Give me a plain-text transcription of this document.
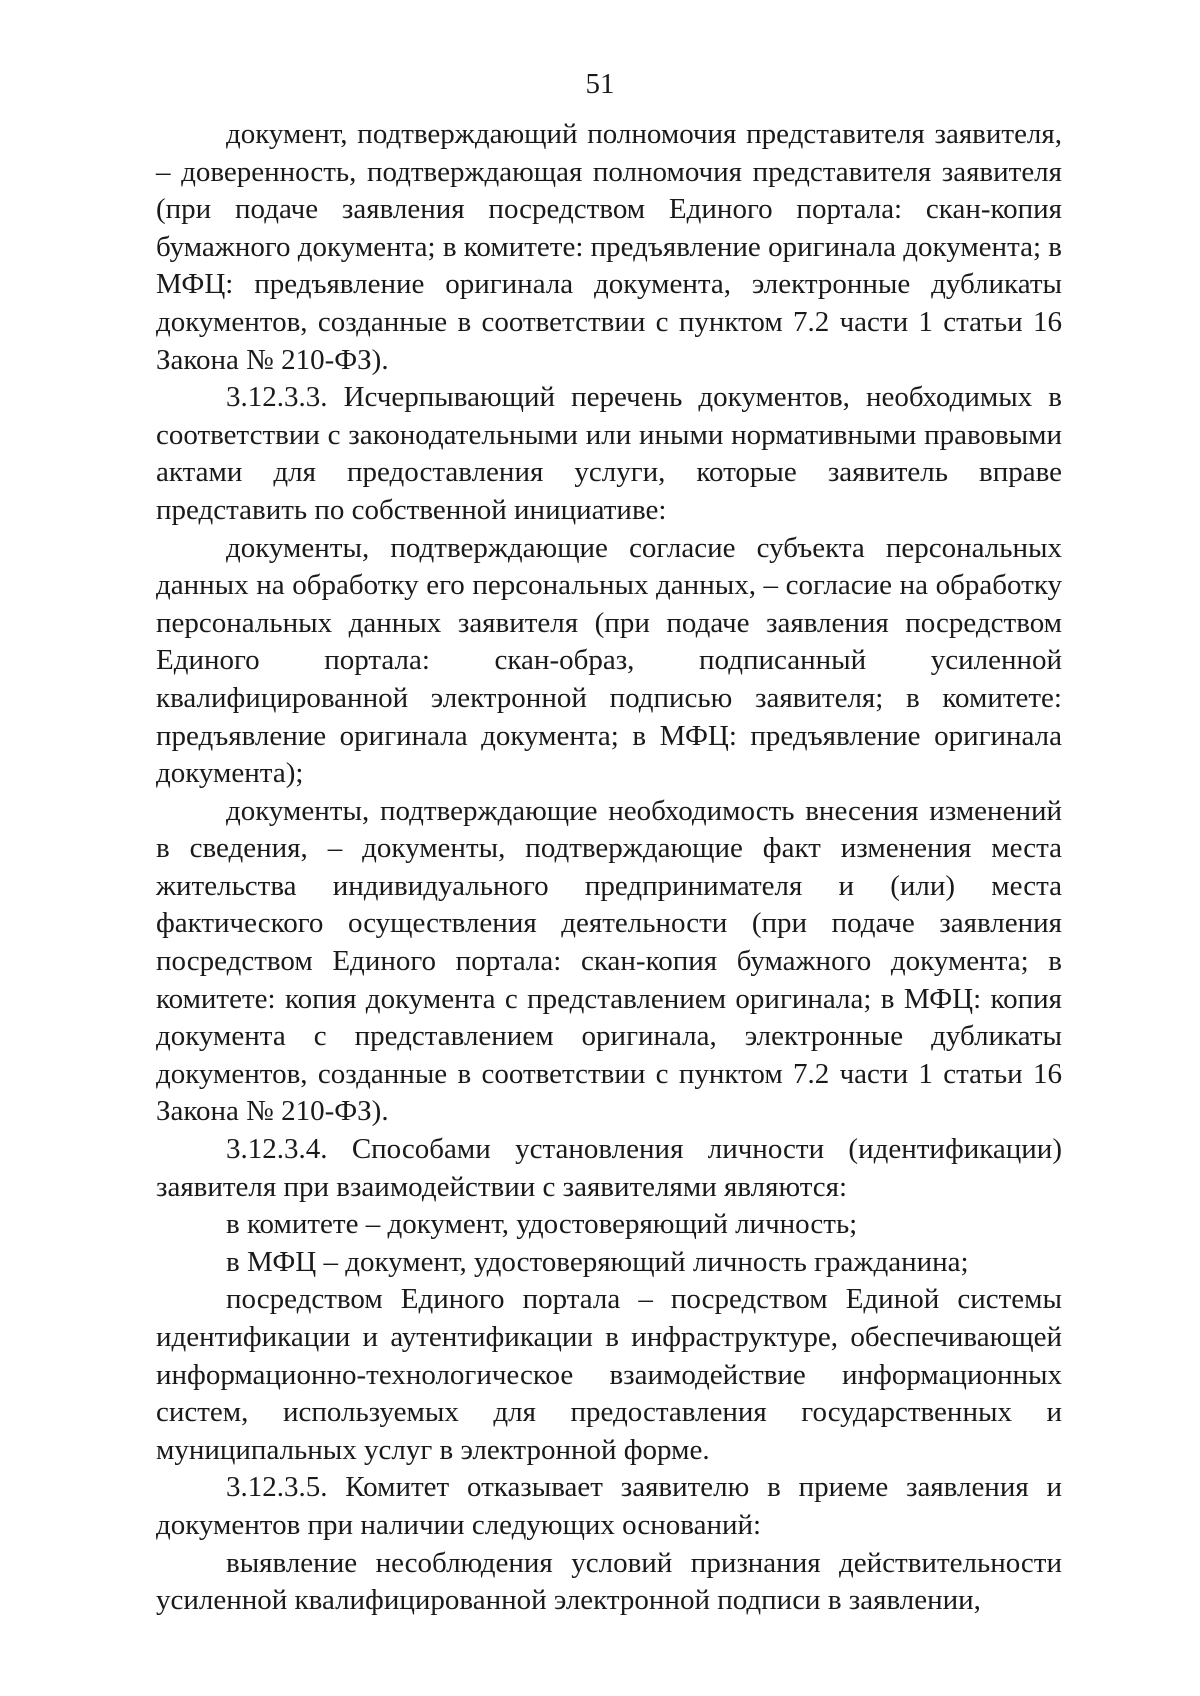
51

документ, подтверждающий полномочия представителя заявителя, – доверенность, подтверждающая полномочия представителя заявителя (при подаче заявления посредством Единого портала: скан-копия бумажного документа; в комитете: предъявление оригинала документа; в МФЦ: предъявление оригинала документа, электронные дубликаты документов, созданные в соответствии с пунктом 7.2 части 1 статьи 16 Закона № 210-ФЗ).

3.12.3.3. Исчерпывающий перечень документов, необходимых в соответствии с законодательными или иными нормативными правовыми актами для предоставления услуги, которые заявитель вправе представить по собственной инициативе:

документы, подтверждающие согласие субъекта персональных данных на обработку его персональных данных, – согласие на обработку персональных данных заявителя (при подаче заявления посредством Единого портала: скан-образ, подписанный усиленной квалифицированной электронной подписью заявителя; в комитете: предъявление оригинала документа; в МФЦ: предъявление оригинала документа);

документы, подтверждающие необходимость внесения изменений в сведения, – документы, подтверждающие факт изменения места жительства индивидуального предпринимателя и (или) места фактического осуществления деятельности (при подаче заявления посредством Единого портала: скан-копия бумажного документа; в комитете: копия документа с представлением оригинала; в МФЦ: копия документа с представлением оригинала, электронные дубликаты документов, созданные в соответствии с пунктом 7.2 части 1 статьи 16 Закона № 210-ФЗ).

3.12.3.4. Способами установления личности (идентификации) заявителя при взаимодействии с заявителями являются:

в комитете – документ, удостоверяющий личность;

в МФЦ – документ, удостоверяющий личность гражданина;

посредством Единого портала – посредством Единой системы идентификации и аутентификации в инфраструктуре, обеспечивающей информационно-технологическое взаимодействие информационных систем, используемых для предоставления государственных и муниципальных услуг в электронной форме.

3.12.3.5. Комитет отказывает заявителю в приеме заявления и документов при наличии следующих оснований:

выявление несоблюдения условий признания действительности усиленной квалифицированной электронной подписи в заявлении,
